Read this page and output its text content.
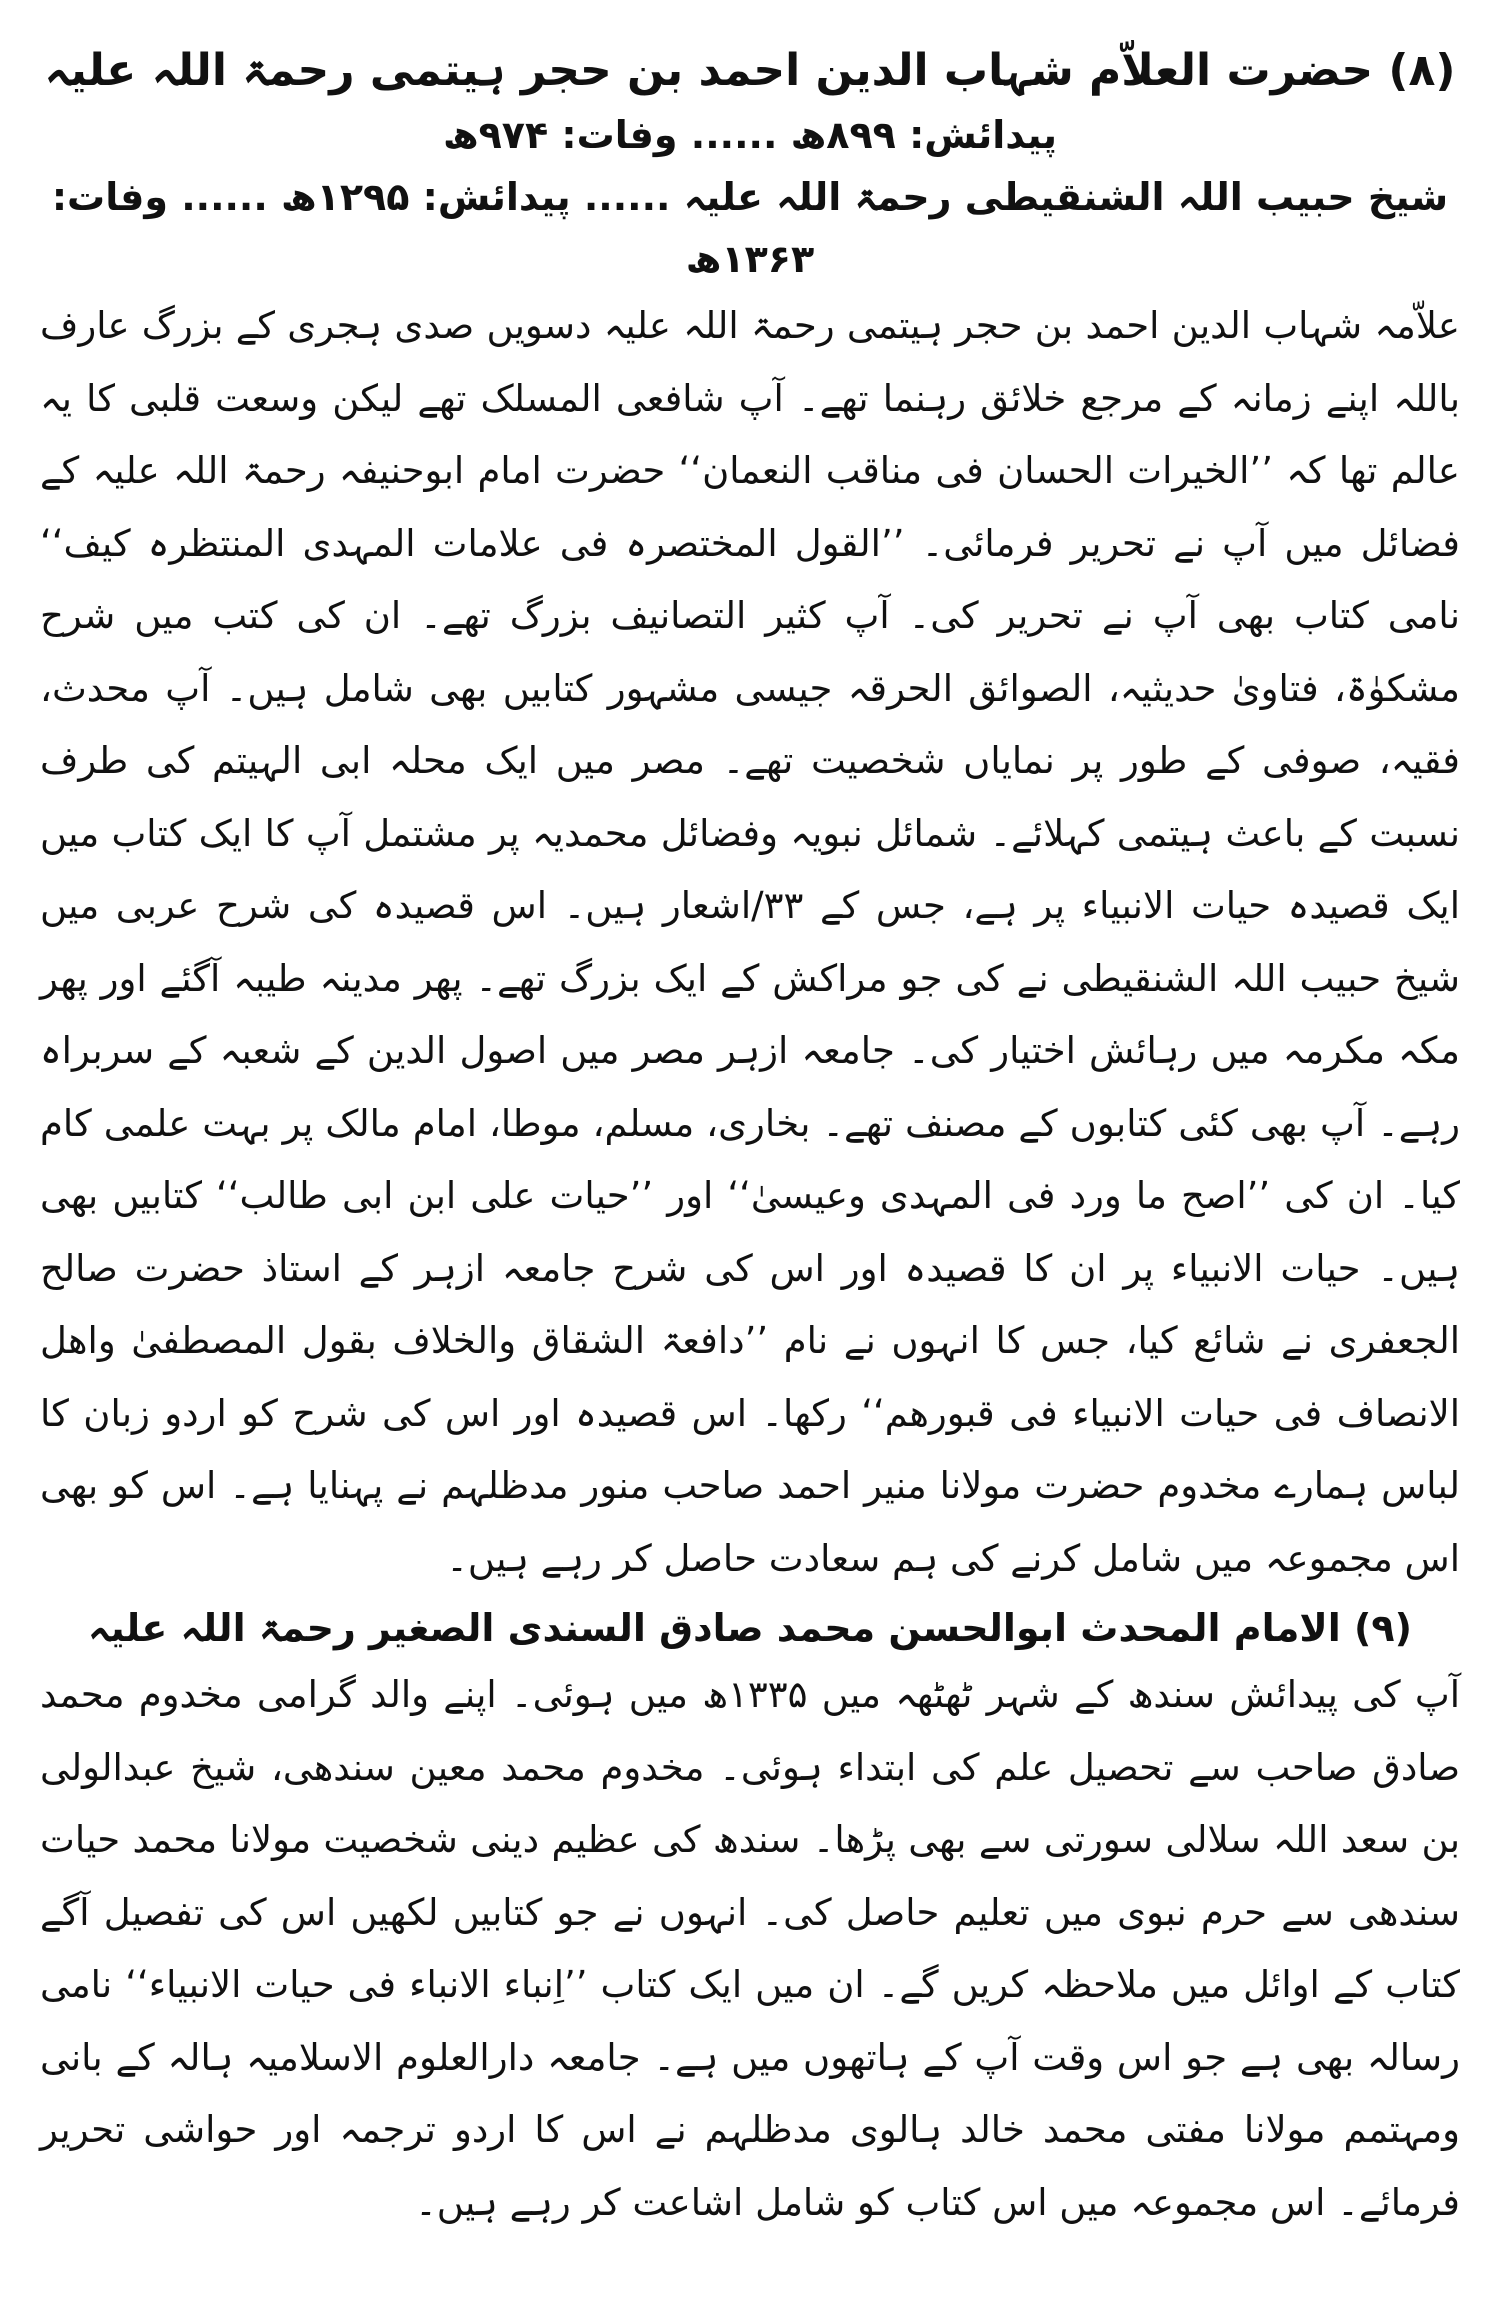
(۸) حضرت العلاّم شہاب الدین احمد بن حجر ہیتمی رحمۃ اللہ علیہ
پیدائش: ۸۹۹ھ ...... وفات: ۹۷۴ھ
شیخ حبیب اللہ الشنقیطی رحمۃ اللہ علیہ ...... پیدائش: ۱۲۹۵ھ ...... وفات: ۱۳۶۳ھ

علاّمہ شہاب الدین احمد بن حجر ہیتمی رحمۃ اللہ علیہ دسویں صدی ہجری کے بزرگ عارف باللہ اپنے زمانہ کے مرجع خلائق رہنما تھے۔ آپ شافعی المسلک تھے لیکن وسعت قلبی کا یہ عالم تھا کہ ’’الخیرات الحسان فی مناقب النعمان‘‘ حضرت امام ابوحنیفہ رحمۃ اللہ علیہ کے فضائل میں آپ نے تحریر فرمائی۔ ’’القول المختصرہ فی علامات المہدی المنتظرہ کیف‘‘ نامی کتاب بھی آپ نے تحریر کی۔ آپ کثیر التصانیف بزرگ تھے۔ ان کی کتب میں شرح مشکوٰۃ، فتاویٰ حدیثیہ، الصوائق الحرقہ جیسی مشہور کتابیں بھی شامل ہیں۔ آپ محدث، فقیہ، صوفی کے طور پر نمایاں شخصیت تھے۔ مصر میں ایک محلہ ابی الہیتم کی طرف نسبت کے باعث ہیتمی کہلائے۔ شمائل نبویہ وفضائل محمدیہ پر مشتمل آپ کا ایک کتاب میں ایک قصیدہ حیات الانبیاء پر ہے، جس کے ۳۳/اشعار ہیں۔ اس قصیدہ کی شرح عربی میں شیخ حبیب اللہ الشنقیطی نے کی جو مراکش کے ایک بزرگ تھے۔ پھر مدینہ طیبہ آگئے اور پھر مکہ مکرمہ میں رہائش اختیار کی۔ جامعہ ازہر مصر میں اصول الدین کے شعبہ کے سربراہ رہے۔ آپ بھی کئی کتابوں کے مصنف تھے۔ بخاری، مسلم، موطا، امام مالک پر بہت علمی کام کیا۔ ان کی ’’اصح ما ورد فی المہدی وعیسیٰ‘‘ اور ’’حیات علی ابن ابی طالب‘‘ کتابیں بھی ہیں۔ حیات الانبیاء پر ان کا قصیدہ اور اس کی شرح جامعہ ازہر کے استاذ حضرت صالح الجعفری نے شائع کیا، جس کا انہوں نے نام ’’دافعۃ الشقاق والخلاف بقول المصطفیٰ واھل الانصاف فی حیات الانبیاء فی قبورھم‘‘ رکھا۔ اس قصیدہ اور اس کی شرح کو اردو زبان کا لباس ہمارے مخدوم حضرت مولانا منیر احمد صاحب منور مدظلہم نے پہنایا ہے۔ اس کو بھی اس مجموعہ میں شامل کرنے کی ہم سعادت حاصل کر رہے ہیں۔

(۹) الامام المحدث ابوالحسن محمد صادق السندی الصغیر رحمۃ اللہ علیہ

آپ کی پیدائش سندھ کے شہر ٹھٹھہ میں ۱۳۳۵ھ میں ہوئی۔ اپنے والد گرامی مخدوم محمد صادق صاحب سے تحصیل علم کی ابتداء ہوئی۔ مخدوم محمد معین سندھی، شیخ عبدالولی بن سعد اللہ سلالی سورتی سے بھی پڑھا۔ سندھ کی عظیم دینی شخصیت مولانا محمد حیات سندھی سے حرم نبوی میں تعلیم حاصل کی۔ انہوں نے جو کتابیں لکھیں اس کی تفصیل آگے کتاب کے اوائل میں ملاحظہ کریں گے۔ ان میں ایک کتاب ’’اِنباء الانباء فی حیات الانبیاء‘‘ نامی رسالہ بھی ہے جو اس وقت آپ کے ہاتھوں میں ہے۔ جامعہ دارالعلوم الاسلامیہ ہالہ کے بانی ومہتمم مولانا مفتی محمد خالد ہالوی مدظلہم نے اس کا اردو ترجمہ اور حواشی تحریر فرمائے۔ اس مجموعہ میں اس کتاب کو شامل اشاعت کر رہے ہیں۔
